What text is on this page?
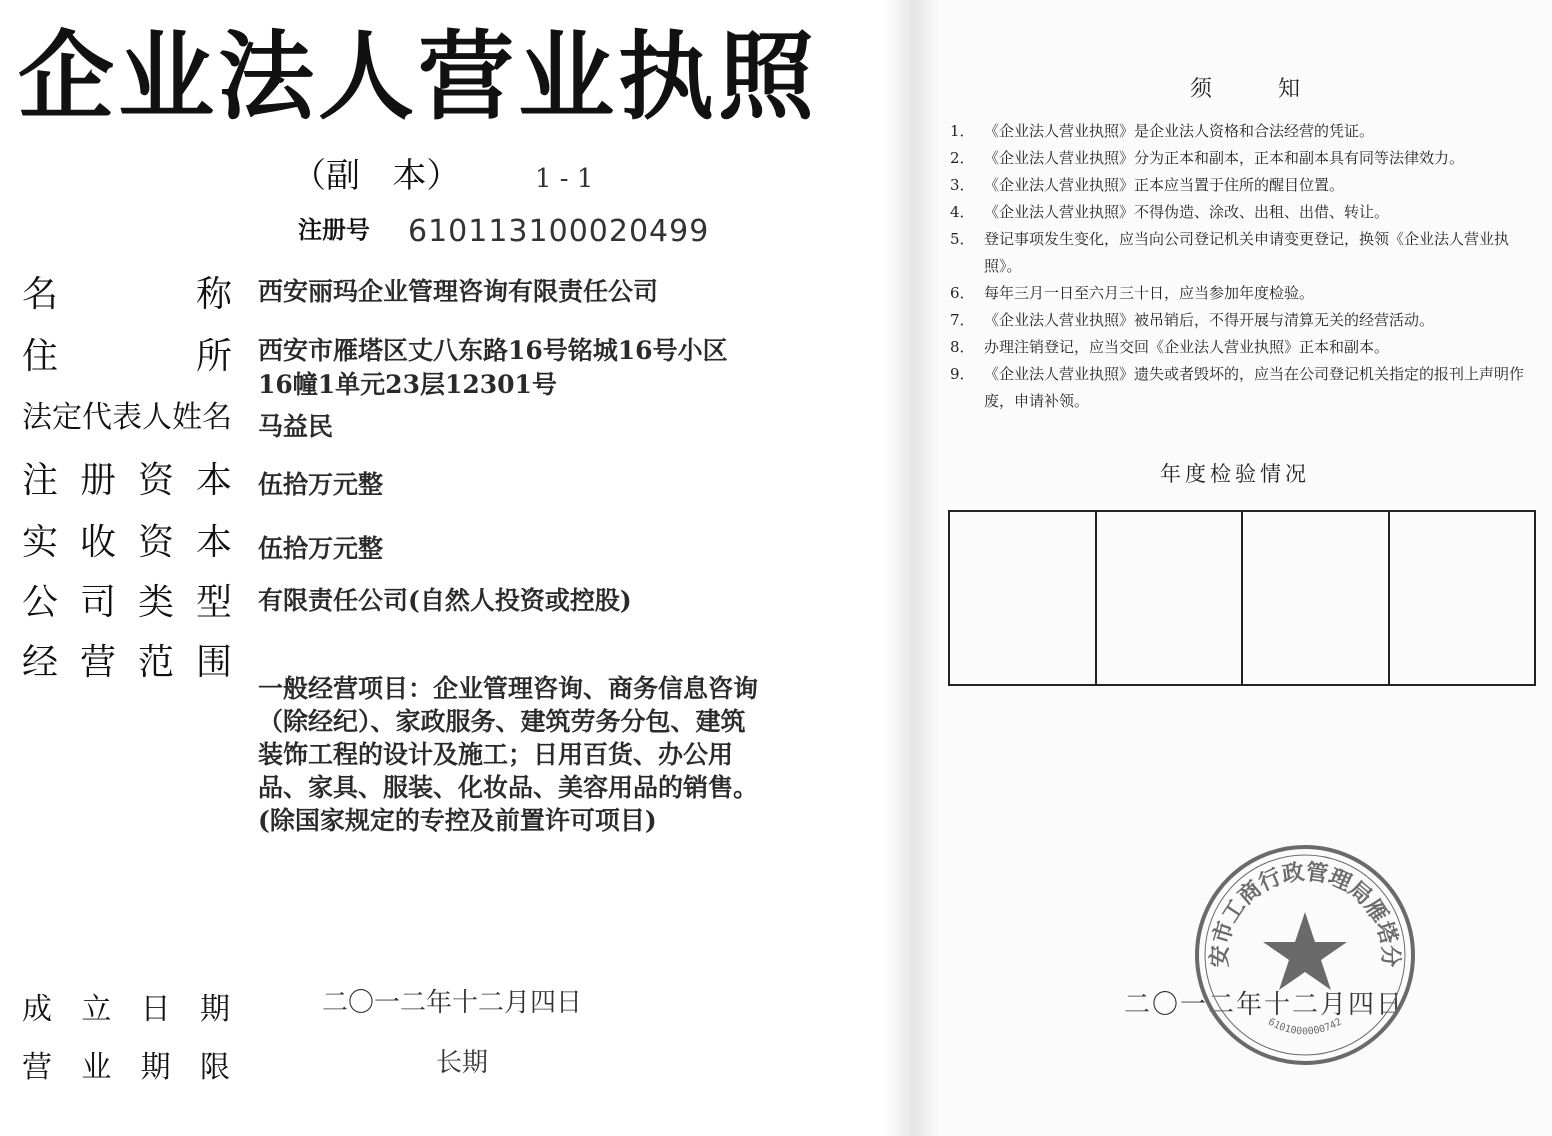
企业法人营业执照
（副   本）	1 - 1
注册号 610113100020499
名称 西安丽玛企业管理咨询有限责任公司
住所 西安市雁塔区丈八东路16号铭城16号小区16幢1单元23层12301号
法定代表人姓名 马益民
注册资本 伍拾万元整
实收资本 伍拾万元整
公司类型 有限责任公司(自然人投资或控股)
经营范围
一般经营项目：企业管理咨询、商务信息咨询（除经纪）、家政服务、建筑劳务分包、建筑装饰工程的设计及施工；日用百货、办公用品、家具、服装、化妆品、美容用品的销售。(除国家规定的专控及前置许可项目)
成立日期	二〇一二年十二月四日
营业期限	长期
须知
1． 《企业法人营业执照》是企业法人资格和合法经营的凭证。
2． 《企业法人营业执照》分为正本和副本，正本和副本具有同等法律效力。
3． 《企业法人营业执照》正本应当置于住所的醒目位置。
4． 《企业法人营业执照》不得伪造、涂改、出租、出借、转让。
5． 登记事项发生变化，应当向公司登记机关申请变更登记，换领《企业法人营业执照》。
6． 每年三月一日至六月三十日，应当参加年度检验。
7． 《企业法人营业执照》被吊销后，不得开展与清算无关的经营活动。
8． 办理注销登记，应当交回《企业法人营业执照》正本和副本。
9． 《企业法人营业执照》遗失或者毁坏的，应当在公司登记机关指定的报刊上声明作废，申请补领。
年度检验情况
二〇一二年十二月四日
安市工商行政管理局雁塔分
6101000000742
